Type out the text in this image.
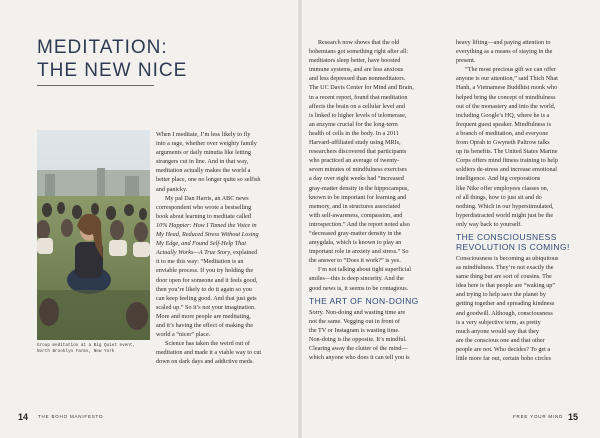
MEDITATION:
THE NEW NICE
Group meditation at a Big Quiet event,
North Brooklyn Farms, New York
When I meditate, I’m less likely to fly
into a rage, whether over weighty family
arguments or daily minutia like letting
strangers cut in line. And in that way,
meditation actually makes the world a
better place, one no longer quite so selfish
and panicky.
My pal Dan Harris, an ABC news
correspondent who wrote a bestselling
book about learning to meditate called
10% Happier: How I Tamed the Voice in
My Head, Reduced Stress Without Losing
My Edge, and Found Self-Help That
Actually Works—A True Story, explained
it to me this way: “Meditation is an
enviable process. If you try holding the
door open for someone and it feels good,
then you’re likely to do it again so you
can keep feeling good. And that just gets
scaled up.” So it’s not your imagination.
More and more people are meditating,
and it’s having the effect of making the
world a “nicer” place.
Science has taken the weird out of
meditation and made it a viable way to cut
down on dark days and addictive meds.
Research now shows that the old
bohemians got something right after all:
meditators sleep better, have boosted
immune systems, and are less anxious
and less depressed than nonmeditators.
The UC Davis Center for Mind and Brain,
in a recent report, found that meditation
affects the brain on a cellular level and
is linked to higher levels of telomerase,
an enzyme crucial for the long-term
health of cells in the body. In a 2011
Harvard-affiliated study using MRIs,
researchers discovered that participants
who practiced an average of twenty-
seven minutes of mindfulness exercises
a day over eight weeks had “increased
gray-matter density in the hippocampus,
known to be important for learning and
memory, and in structures associated
with self-awareness, compassion, and
introspection.” And the report noted also
“decreased gray-matter density in the
amygdala, which is known to play an
important role in anxiety and stress.” So
the answer to “Does it work?” is yes.
I’m not talking about tight superficial
smiles—this is deep sincerity. And the
good news is, it seems to be contagious.
THE ART OF NON-DOING
Sorry. Non-doing and wasting time are
not the same. Vegging out in front of
the TV or Instagram is wasting time.
Non-doing is the opposite. It’s mindful.
Clearing away the clutter of the mind—
which anyone who does it can tell you is
heavy lifting—and paying attention to
everything as a means of staying in the
present.
“The most precious gift we can offer
anyone is our attention,” said Thich Nhat
Hanh, a Vietnamese Buddhist monk who
helped bring the concept of mindfulness
out of the monastery and into the world,
including Google’s HQ, where he is a
frequent guest speaker. Mindfulness is
a branch of meditation, and everyone
from Oprah to Gwyneth Paltrow talks
up its benefits. The United States Marine
Corps offers mind fitness training to help
soldiers de-stress and increase emotional
intelligence. And big corporations
like Nike offer employees classes on,
of all things, how to just sit and do
nothing. Which in our hyperstimulated,
hyperdistracted world might just be the
only way back to yourself.
THE CONSCIOUSNESS
REVOLUTION IS COMING!
Consciousness is becoming as ubiquitous
as mindfulness. They’re not exactly the
same thing but are sort of cousins. The
idea here is that people are “waking up”
and trying to help save the planet by
getting together and spreading kindness
and goodwill. Although, consciousness
is a very subjective term, as pretty
much anyone would say that they
are the conscious one and that other
people are not. Who decides? To get a
little more far out, certain boho circles
14 THE BOHO MANIFESTO	FREE YOUR MIND 15
